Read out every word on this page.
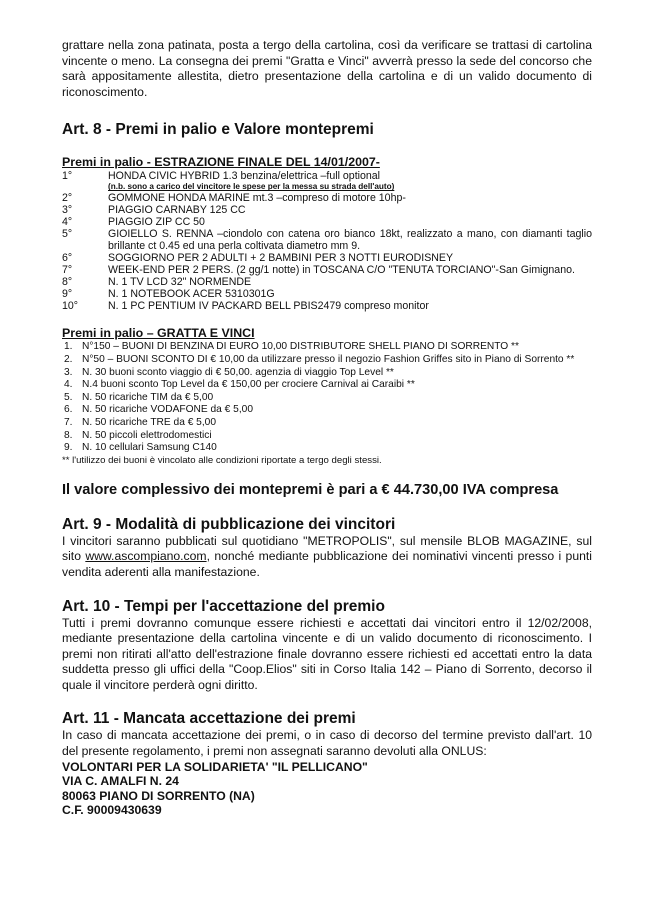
grattare nella zona patinata, posta a tergo della cartolina, così da verificare se trattasi di cartolina vincente o meno. La consegna dei premi "Gratta e Vinci" avverrà presso la sede del concorso che sarà appositamente allestita, dietro presentazione della cartolina e di un valido documento di riconoscimento.

Art. 8 - Premi in palio e Valore montepremi

Premi in palio - ESTRAZIONE FINALE DEL 14/01/2007-

1°	HONDA CIVIC HYBRID 1.3 benzina/elettrica –full optional
(n.b. sono a carico del vincitore le spese per la messa su strada dell'auto)
2°	GOMMONE HONDA MARINE mt.3 –compreso di motore 10hp-
3°	PIAGGIO CARNABY 125 CC
4°	PIAGGIO ZIP CC 50
5°	GIOIELLO S. RENNA –ciondolo con catena oro bianco 18kt, realizzato a mano, con diamanti taglio brillante ct 0.45 ed una perla coltivata diametro mm 9.
6°	SOGGIORNO PER 2 ADULTI + 2 BAMBINI PER 3 NOTTI EURODISNEY
7°	WEEK-END PER 2 PERS. (2 gg/1 notte) in TOSCANA C/O "TENUTA TORCIANO"-San Gimignano.
8°	N. 1 TV LCD 32" NORMENDE
9°	N. 1 NOTEBOOK ACER 5310301G
10°	N. 1 PC PENTIUM IV PACKARD BELL PBIS2479 compreso monitor

Premi in palio – GRATTA E VINCI

1. N°150 – BUONI DI BENZINA DI EURO 10,00 DISTRIBUTORE SHELL PIANO DI SORRENTO **
2. N°50 – BUONI SCONTO DI € 10,00 da utilizzare presso il negozio Fashion Griffes sito in Piano di Sorrento **
3. N. 30 buoni sconto viaggio di € 50,00. agenzia di viaggio Top Level **
4. N.4 buoni sconto Top Level da € 150,00 per crociere Carnival ai Caraibi **
5. N. 50 ricariche TIM da € 5,00
6. N. 50 ricariche VODAFONE da € 5,00
7. N. 50 ricariche TRE da € 5,00
8. N. 50 piccoli elettrodomestici
9. N. 10 cellulari Samsung C140

** l'utilizzo dei buoni è vincolato alle condizioni riportate a tergo degli stessi.

Il valore complessivo dei montepremi è pari a € 44.730,00 IVA compresa

Art. 9 - Modalità di pubblicazione dei vincitori

I vincitori saranno pubblicati sul quotidiano "METROPOLIS", sul mensile BLOB MAGAZINE, sul sito www.ascompiano.com, nonché mediante pubblicazione dei nominativi vincenti presso i punti vendita aderenti alla manifestazione.

Art. 10 - Tempi per l'accettazione del premio

Tutti i premi dovranno comunque essere richiesti e accettati dai vincitori entro il 12/02/2008, mediante presentazione della cartolina vincente e di un valido documento di riconoscimento. I premi non ritirati all'atto dell'estrazione finale dovranno essere richiesti ed accettati entro la data suddetta presso gli uffici della "Coop.Elios" siti in Corso Italia 142 – Piano di Sorrento, decorso il quale il vincitore perderà ogni diritto.

Art. 11 - Mancata accettazione dei premi

In caso di mancata accettazione dei premi, o in caso di decorso del termine previsto dall'art. 10 del presente regolamento, i premi non assegnati saranno devoluti alla ONLUS:

VOLONTARI PER LA SOLIDARIETA' "IL PELLICANO"

VIA C. AMALFI N. 24

80063 PIANO DI SORRENTO (NA)

C.F. 90009430639
